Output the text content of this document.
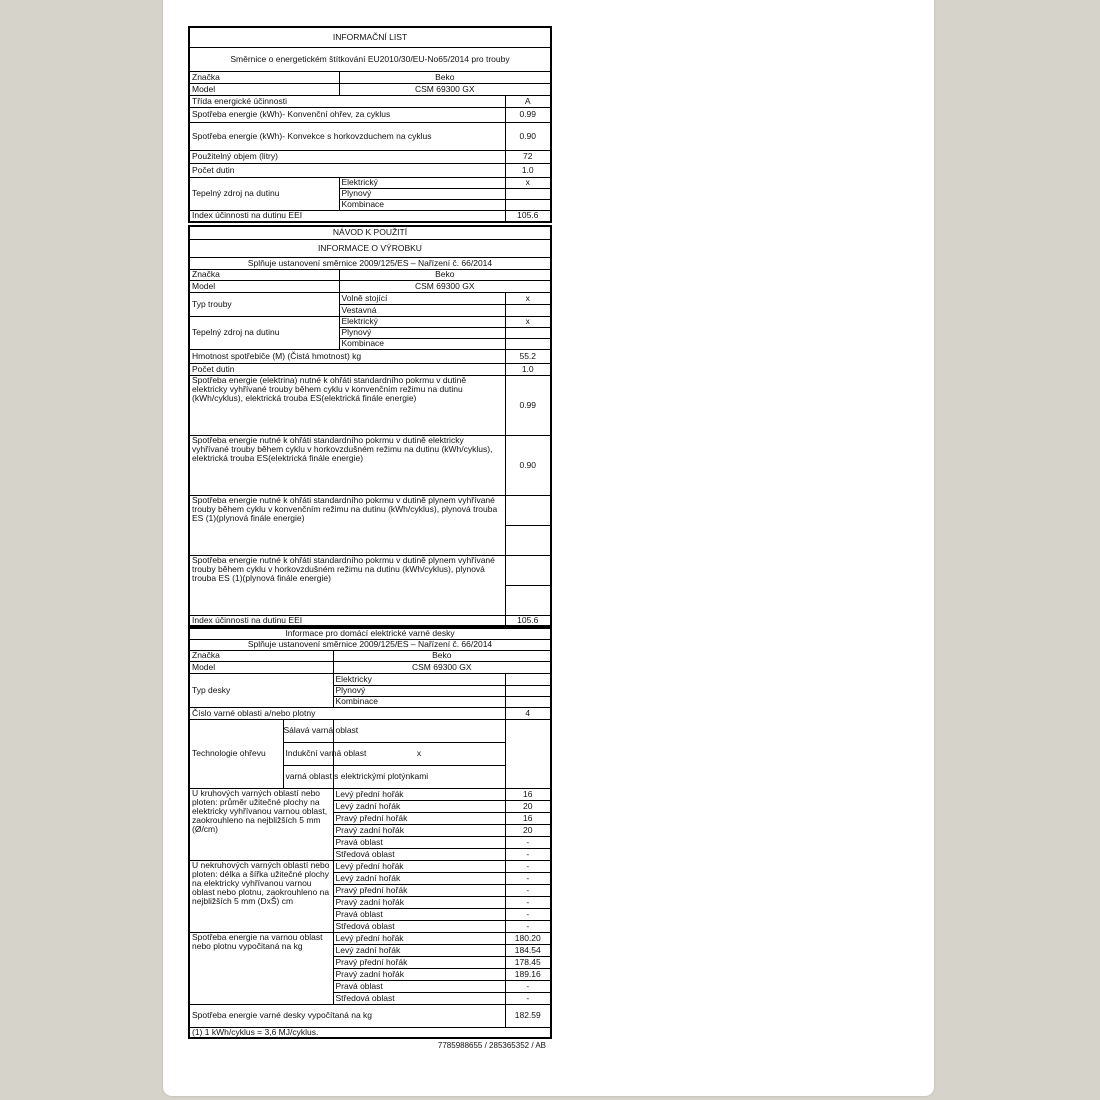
INFORMAČNÍ LIST		
Směrnice o energetickém štítkování EU2010/30/EU-No65/2014 pro trouby		
Značka	Beko	
Model	CSM 69300 GX	
Třída energické účinnosti		A
Spotřeba energie (kWh)- Konvenční ohřev, za cyklus		0.99
Spotřeba energie (kWh)- Konvekce s horkovzduchem na cyklus		0.90
Použitelný objem (litry)		72
Počet dutin		1.0
Tepelný zdroj na dutinu	Elektrický	x
	Plynový	
	Kombinace	
Index účinnosti na dutinu EEI		105.6
NÁVOD K POUŽITÍ		
INFORMACE O VÝROBKU		
Splňuje ustanovení směrnice 2009/125/ES – Nařízení č. 66/2014		
Značka	Beko	
Model	CSM 69300 GX	
Typ trouby	Volně stojící	x
	Vestavná	
Tepelný zdroj na dutinu	Elektrický	x
	Plynový	
	Kombinace	
Hmotnost spotřebiče (M) (Čistá hmotnost) kg		55.2
Počet dutin		1.0
Spotřeba energie (elektrina) nutné k ohřáti standardního pokrmu v dutině elektricky vyhřívané trouby během cyklu v konvenčním režimu na dutinu (kWh/cyklus), elektrická trouba ES(elektrická finále energie)		0.99
Spotřeba energie nutné k ohřáti standardního pokrmu v dutině elektricky vyhřívané trouby během cyklu v horkovzdušném režimu na dutinu (kWh/cyklus), elektrická trouba ES(elektrická finále energie)		0.90
Spotřeba energie nutné k ohřáti standardního pokrmu v dutině plynem vyhřívané trouby během cyklu v konvenčním režimu na dutinu (kWh/cyklus), plynová trouba ES (1)(plynová finále energie)		

Spotřeba energie nutné k ohřáti standardního pokrmu v dutině plynem vyhřívané trouby během cyklu v horkovzdušném režimu na dutinu (kWh/cyklus), plynová trouba ES (1)(plynová finále energie)		

Index účinnosti na dutinu EEI		105.6
Informace pro domácí elektrické varné desky			
Splňuje ustanovení směrnice 2009/125/ES – Nařízení č. 66/2014			
Značka		Beko	
Model		CSM 69300 GX	
Typ desky		Elektricky	
		Plynový	
		Kombinace	
Číslo varné oblasti a/nebo plotny			4
Technologie ohřevu	Sálavá varná oblast		
	Indukční varná oblast	x	
	varná oblast s elektrickými plotýnkami		
U kruhových varných oblastí nebo ploten: průměr užitečné plochy na elektricky vyhřívanou varnou oblast, zaokrouhleno na nejbližších 5 mm (Ø/cm)		Levý přední hořák	16
		Levý zadní hořák	20
		Pravý přední hořák	16
		Pravý zadní hořák	20
		Pravá oblast	-
		Středová oblast	-
U nekruhových varných oblastí nebo ploten: délka a šířka užitečné plochy na elektricky vyhřívanou varnou oblast nebo plotnu, zaokrouhleno na nejbližších 5 mm (DxŠ) cm		Levý přední hořák	-
		Levý zadní hořák	-
		Pravý přední hořák	-
		Pravý zadní hořák	-
		Pravá oblast	-
		Středová oblast	-
Spotřeba energie na varnou oblast nebo plotnu vypočitaná na kg		Levý přední hořák	180.20
		Levý zadní hořák	184.54
		Pravý přední hořák	178.45
		Pravý zadní hořák	189.16
		Pravá oblast	-
		Středová oblast	-
Spotřeba energie varné desky vypočítaná na kg			182.59
(1) 1 kWh/cyklus = 3,6 MJ/cyklus.			
7785988655 / 285365352 / AB
